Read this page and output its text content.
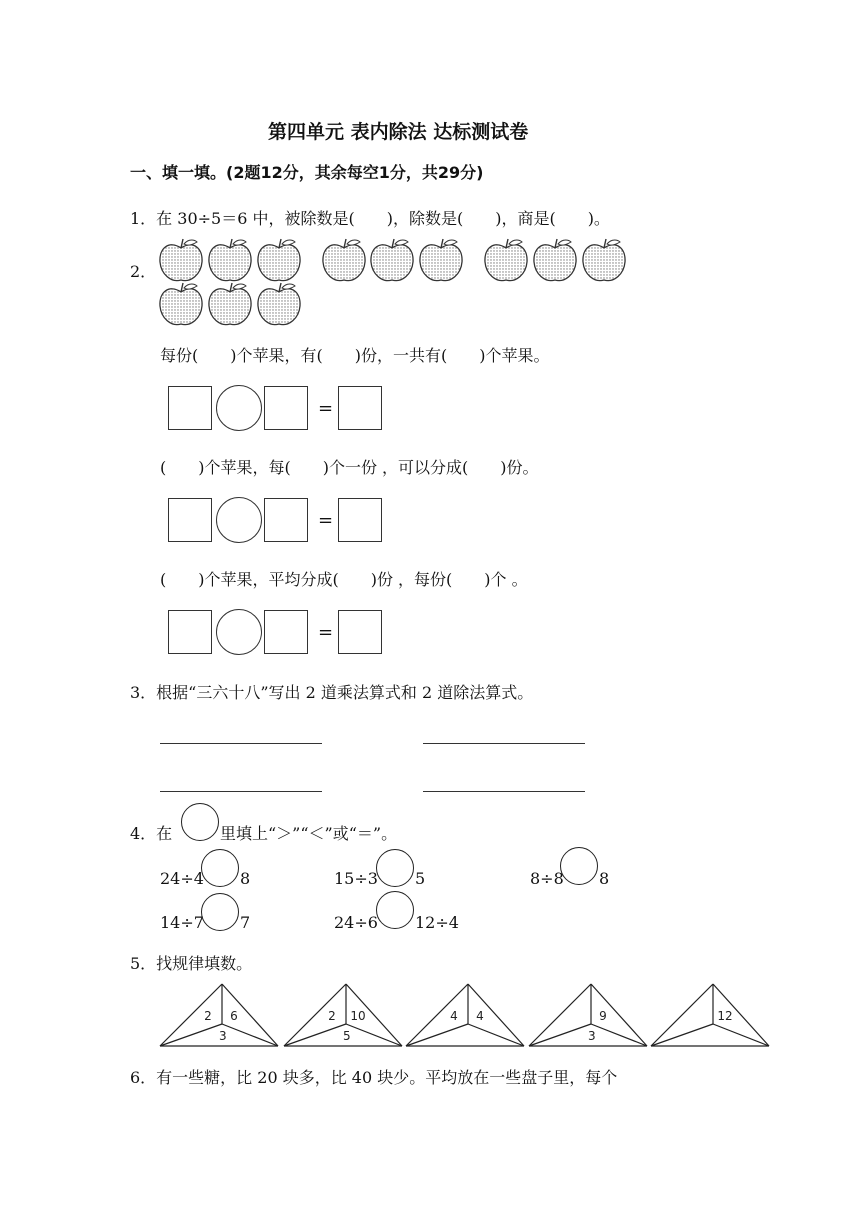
第四单元 表内除法 达标测试卷
一、填一填。(2题12分，其余每空1分，共29分)
1．在 30÷5＝6 中，被除数是(　　)，除数是(　　)，商是(　　)。
2．
每份(　　)个苹果，有(　　)份，一共有(　　)个苹果。
=
(　　)个苹果，每(　　)个一份 ，可以分成(　　)份。
=
(　　)个苹果，平均分成(　　)份 ，每份(　　)个 。
=
3．根据“三六十八”写出 2 道乘法算式和 2 道除法算式。
4．在	里填上“＞”“＜”或“＝”。
24÷4 8	15÷3 5	8÷8 8
14÷7 7	24÷6 12÷4
5．找规律填数。
2 6
3
2 10
5
4 4	9
3
12
6．有一些糖，比 20 块多，比 40 块少。平均放在一些盘子里，每个
